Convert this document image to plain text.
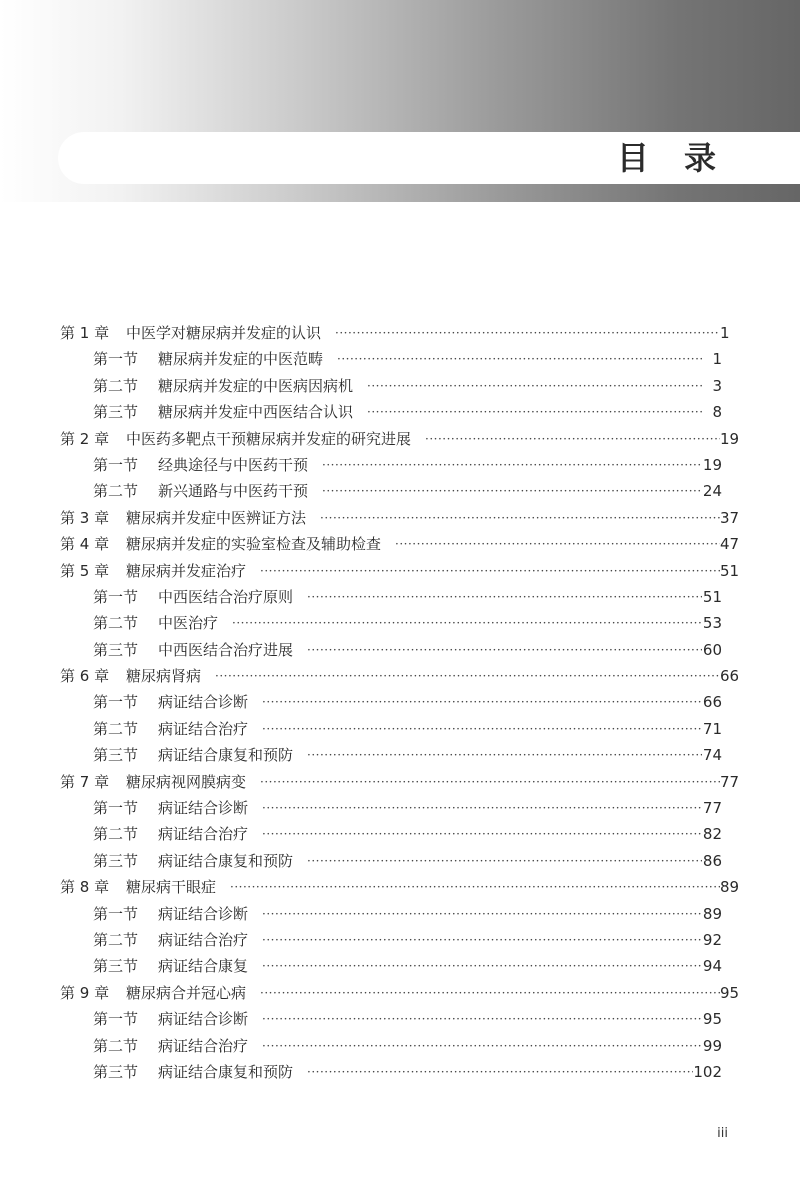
目 录
第 1 章 中医学对糖尿病并发症的认识 ·····	1
第一节 糖尿病并发症的中医范畴 ·····	1
第二节 糖尿病并发症的中医病因病机 ·····	3
第三节 糖尿病并发症中西医结合认识 ·····	8
第 2 章 中医药多靶点干预糖尿病并发症的研究进展 ·····	19
第一节 经典途径与中医药干预 ·····	19
第二节 新兴通路与中医药干预 ·····	24
第 3 章 糖尿病并发症中医辨证方法 ·····	37
第 4 章 糖尿病并发症的实验室检查及辅助检查 ·····	47
第 5 章 糖尿病并发症治疗 ·····	51
第一节 中西医结合治疗原则 ·····	51
第二节 中医治疗 ·····	53
第三节 中西医结合治疗进展 ·····	60
第 6 章 糖尿病肾病 ·····	66
第一节 病证结合诊断 ·····	66
第二节 病证结合治疗 ·····	71
第三节 病证结合康复和预防 ·····	74
第 7 章 糖尿病视网膜病变 ·····	77
第一节 病证结合诊断 ·····	77
第二节 病证结合治疗 ·····	82
第三节 病证结合康复和预防 ·····	86
第 8 章 糖尿病干眼症 ·····	89
第一节 病证结合诊断 ·····	89
第二节 病证结合治疗 ·····	92
第三节 病证结合康复 ·····	94
第 9 章 糖尿病合并冠心病 ·····	95
第一节 病证结合诊断 ·····	95
第二节 病证结合治疗 ·····	99
第三节 病证结合康复和预防 ·····	102
iii
